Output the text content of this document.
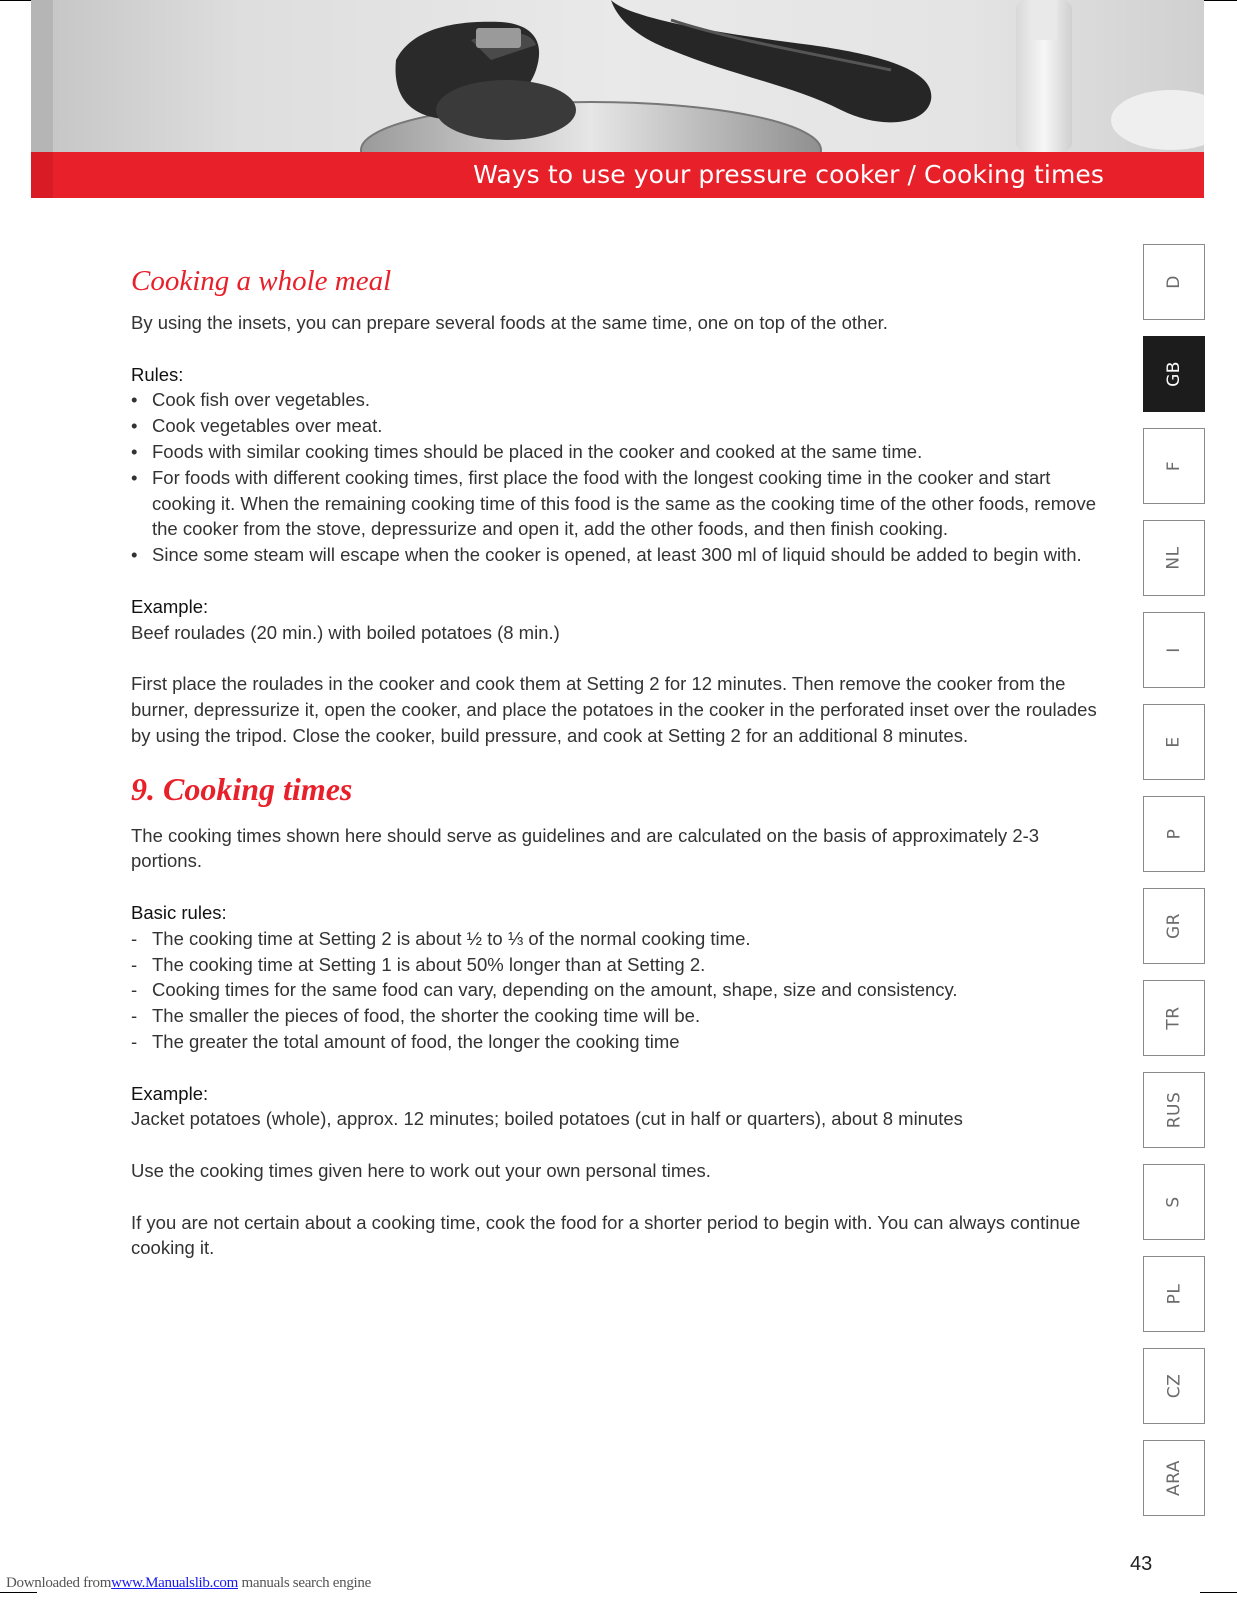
Ways to use your pressure cooker / Cooking times
Cooking a whole meal

By using the insets, you can prepare several foods at the same time, one on top of the other.

Rules:
• Cook fish over vegetables.
• Cook vegetables over meat.
• Foods with similar cooking times should be placed in the cooker and cooked at the same time.
• For foods with different cooking times, first place the food with the longest cooking time in the cooker and start cooking it. When the remaining cooking time of this food is the same as the cooking time of the other foods, remove the cooker from the stove, depressurize and open it, add the other foods, and then finish cooking.
• Since some steam will escape when the cooker is opened, at least 300 ml of liquid should be added to begin with.
Example:

Beef roulades (20 min.) with boiled potatoes (8 min.)

First place the roulades in the cooker and cook them at Setting 2 for 12 minutes. Then remove the cooker from the burner, depressurize it, open the cooker, and place the potatoes in the cooker in the perforated inset over the roulades by using the tripod. Close the cooker, build pressure, and cook at Setting 2 for an additional 8 minutes.

9. Cooking times

The cooking times shown here should serve as guidelines and are calculated on the basis of approximately 2-3 portions.

Basic rules:
- The cooking time at Setting 2 is about ½ to ⅓ of the normal cooking time.
- The cooking time at Setting 1 is about 50% longer than at Setting 2.
- Cooking times for the same food can vary, depending on the amount, shape, size and consistency.
- The smaller the pieces of food, the shorter the cooking time will be.
- The greater the total amount of food, the longer the cooking time
Example:

Jacket potatoes (whole), approx. 12 minutes; boiled potatoes (cut in half or quarters), about 8 minutes

Use the cooking times given here to work out your own personal times.

If you are not certain about a cooking time, cook the food for a shorter period to begin with. You can always continue cooking it.

D
GB
F
NL
I
E
P
GR
TR
RUS
S
PL
CZ
ARA
43
Downloaded fromwww.Manualslib.com manuals search engine
